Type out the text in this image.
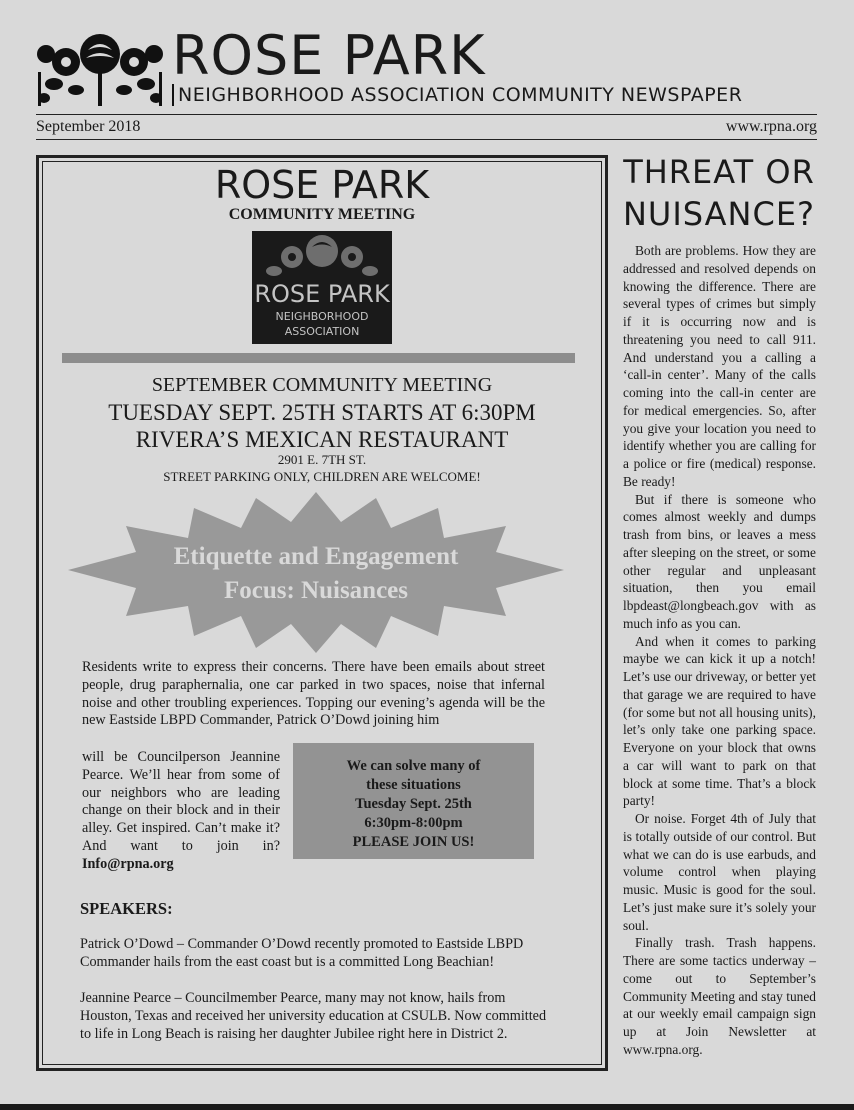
ROSE PARK
NEIGHBORHOOD ASSOCIATION COMMUNITY NEWSPAPER
September 2018	www.rpna.org
ROSE PARK
COMMUNITY MEETING
ROSE PARK
NEIGHBORHOOD
ASSOCIATION
SEPTEMBER COMMUNITY MEETING
TUESDAY SEPT. 25TH STARTS AT 6:30PM
RIVERA’S MEXICAN RESTAURANT
2901 E. 7TH ST.
STREET PARKING ONLY, CHILDREN ARE WELCOME!
Etiquette and Engagement
Focus: Nuisances
Residents write to express their concerns. There have been emails about street people, drug paraphernalia, one car parked in two spaces, noise that infernal noise and other troubling experiences. Topping our evening’s agenda will be the new Eastside LBPD Commander, Patrick O’Dowd joining him
will be Councilperson Jeannine Pearce. We’ll hear from some of our neighbors who are leading change on their block and in their alley. Get inspired. Can’t make it? And want to join in? Info@rpna.org
We can solve many of
these situations
Tuesday Sept. 25th
6:30pm-8:00pm
PLEASE JOIN US!
SPEAKERS:
Patrick O’Dowd – Commander O’Dowd recently promoted to Eastside LBPD Commander hails from the east coast but is a committed Long Beachian!
Jeannine Pearce – Councilmember Pearce, many may not know, hails from Houston, Texas and received her university education at CSULB. Now committed to life in Long Beach is raising her daughter Jubilee right here in District 2.
THREAT OR
NUISANCE?

Both are problems. How they are addressed and resolved depends on knowing the difference. There are several types of crimes but simply if it is occurring now and is threatening you need to call 911. And understand you a calling a ‘call-in center’. Many of the calls coming into the call-in center are for medical emergencies. So, after you give your location you need to identify whether you are calling for a police or fire (medical) response. Be ready!

But if there is someone who comes almost weekly and dumps trash from bins, or leaves a mess after sleeping on the street, or some other regular and unpleasant situation, then you email lbpdeast@longbeach.gov with as much info as you can.

And when it comes to parking maybe we can kick it up a notch! Let’s use our driveway, or better yet that garage we are required to have (for some but not all housing units), let’s only take one parking space. Everyone on your block that owns a car will want to park on that block at some time. That’s a block party!

Or noise. Forget 4th of July that is totally outside of our control. But what we can do is use earbuds, and volume control when playing music. Music is good for the soul. Let’s just make sure it’s solely your soul.

Finally trash. Trash happens. There are some tactics underway – come out to September’s Community Meeting and stay tuned at our weekly email campaign sign up at Join Newsletter at www.rpna.org.
